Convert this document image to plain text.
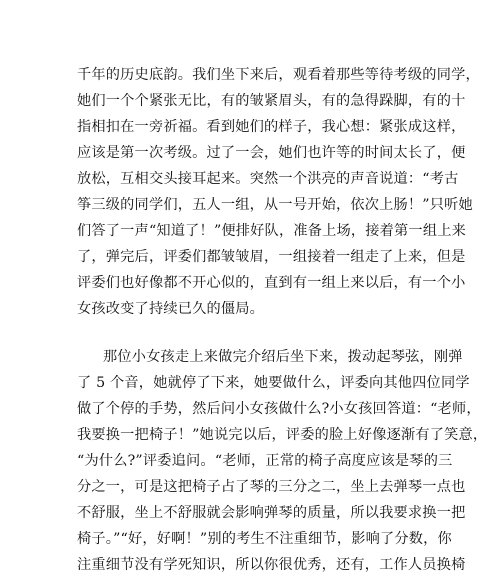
千年的历史底韵。我们坐下来后，观看着那些等待考级的同学，
她们一个个紧张无比，有的皱紧眉头，有的急得跺脚，有的十
指相扣在一旁祈福。看到她们的样子，我心想：紧张成这样，
应该是第一次考级。过了一会，她们也许等的时间太长了，便
放松，互相交头接耳起来。突然一个洪亮的声音说道：“考古
筝三级的同学们，五人一组，从一号开始，依次上肠！”只听她
们答了一声“知道了！”便排好队，准备上场，接着第一组上来
了，弹完后，评委们都皱皱眉，一组接着一组走了上来，但是
评委们也好像都不开心似的，直到有一组上来以后，有一个小
女孩改变了持续已久的僵局。
那位小女孩走上来做完介绍后坐下来，拨动起琴弦，刚弹
了 5 个音，她就停了下来，她要做什么，评委向其他四位同学
做了个停的手势，然后问小女孩做什么?小女孩回答道：“老师，
我要换一把椅子！”她说完以后，评委的脸上好像逐渐有了笑意，
“为什么?”评委追问。“老师，正常的椅子高度应该是琴的三
分之一，可是这把椅子占了琴的三分之二，坐上去弹琴一点也
不舒服，坐上不舒服就会影响弹琴的质量，所以我要求换一把
椅子。”“好，好啊！”别的考生不注重细节，影响了分数，你
注重细节没有学死知识，所以你很优秀，还有，工作人员换椅
